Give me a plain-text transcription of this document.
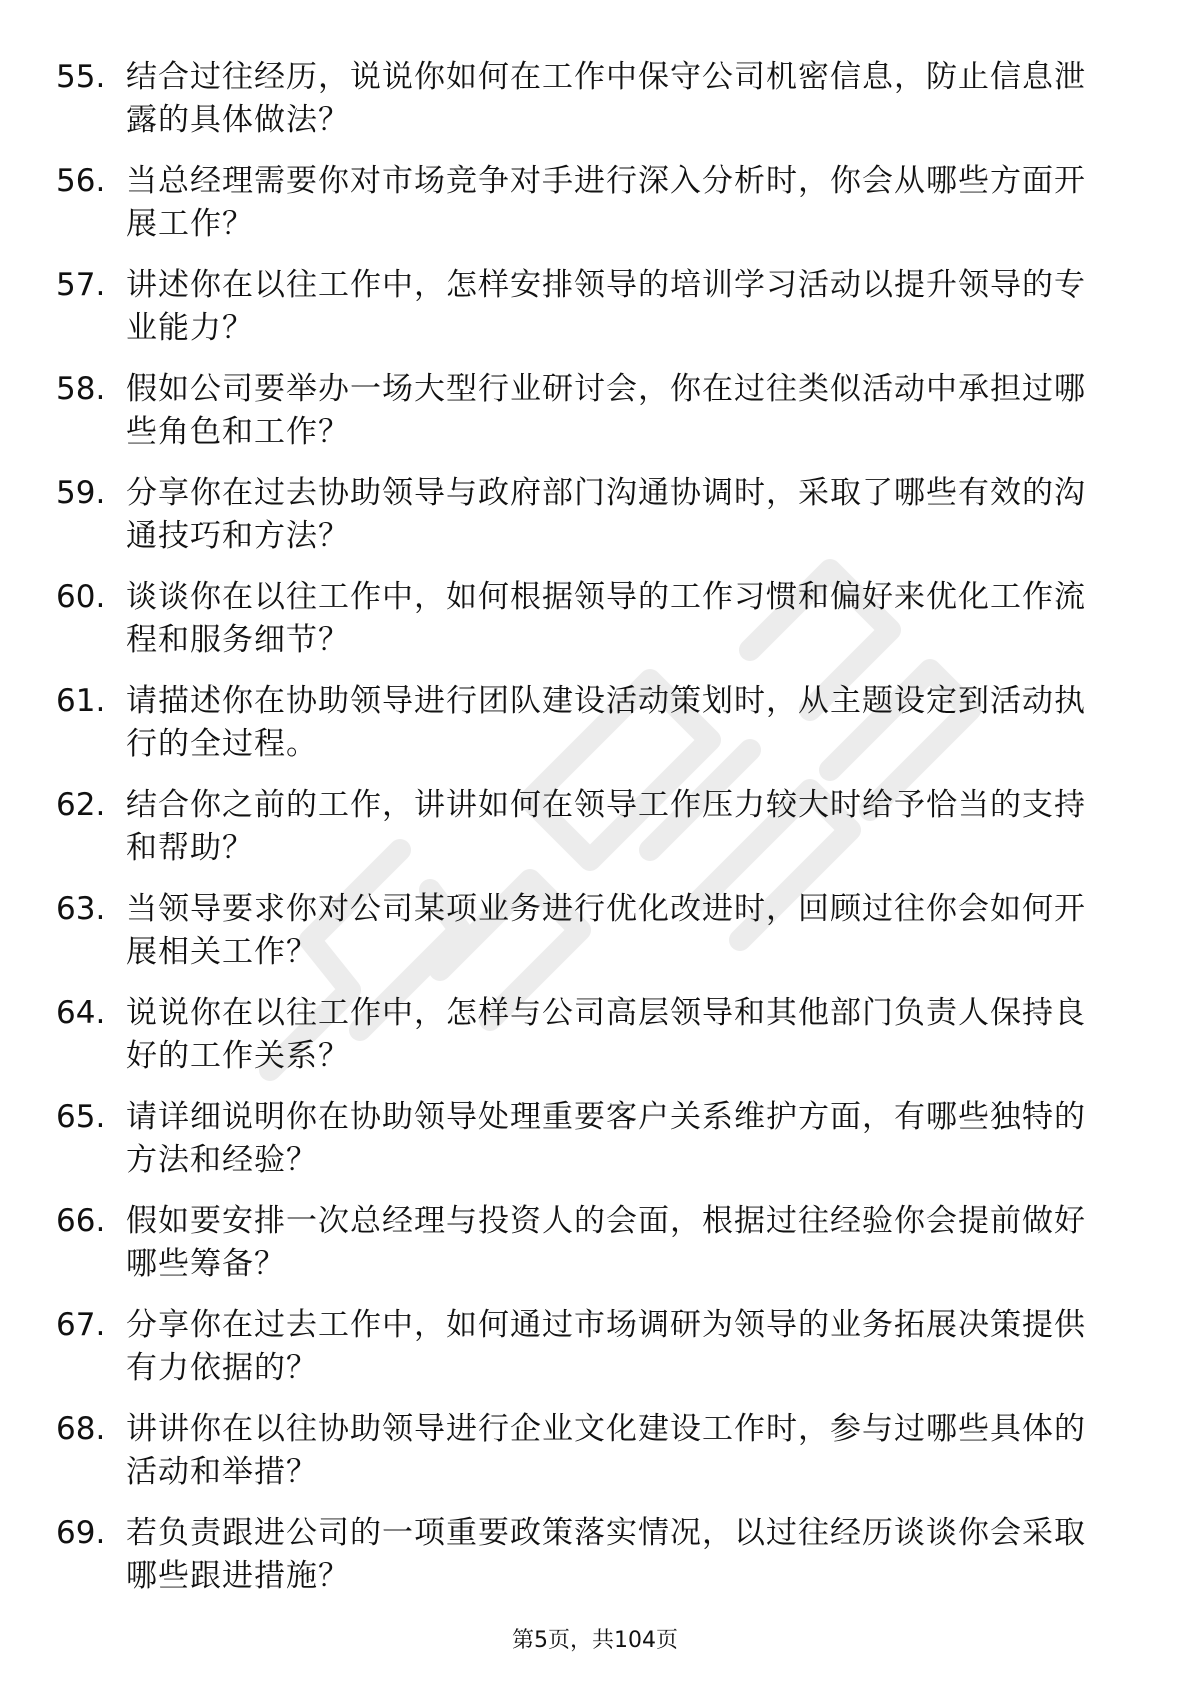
55. 结合过往经历，说说你如何在工作中保守公司机密信息，防止信息泄露的具体做法？
56. 当总经理需要你对市场竞争对手进行深入分析时，你会从哪些方面开展工作？
57. 讲述你在以往工作中，怎样安排领导的培训学习活动以提升领导的专业能力？
58. 假如公司要举办一场大型行业研讨会，你在过往类似活动中承担过哪些角色和工作？
59. 分享你在过去协助领导与政府部门沟通协调时，采取了哪些有效的沟通技巧和方法？
60. 谈谈你在以往工作中，如何根据领导的工作习惯和偏好来优化工作流程和服务细节？
61. 请描述你在协助领导进行团队建设活动策划时，从主题设定到活动执行的全过程。
62. 结合你之前的工作，讲讲如何在领导工作压力较大时给予恰当的支持和帮助？
63. 当领导要求你对公司某项业务进行优化改进时，回顾过往你会如何开展相关工作？
64. 说说你在以往工作中，怎样与公司高层领导和其他部门负责人保持良好的工作关系？
65. 请详细说明你在协助领导处理重要客户关系维护方面，有哪些独特的方法和经验？
66. 假如要安排一次总经理与投资人的会面，根据过往经验你会提前做好哪些筹备？
67. 分享你在过去工作中，如何通过市场调研为领导的业务拓展决策提供有力依据的？
68. 讲讲你在以往协助领导进行企业文化建设工作时，参与过哪些具体的活动和举措？
69. 若负责跟进公司的一项重要政策落实情况，以过往经历谈谈你会采取哪些跟进措施？
第5页，共104页
